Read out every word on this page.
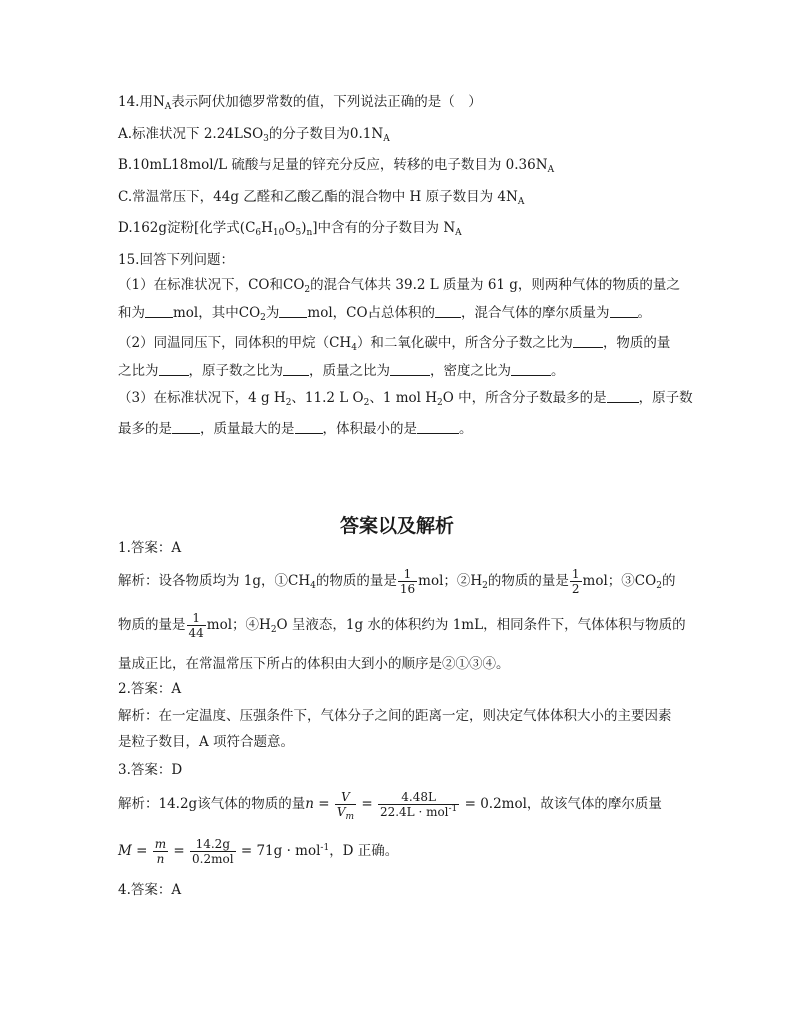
14.用$N_A$表示阿伏加德罗常数的值，下列说法正确的是（　）
A.标准状况下 $2.24LSO_3$的分子数目为$0.1N_A$
B.10mL18mol/L 硫酸与足量的锌充分反应，转移的电子数目为 $0.36N_A$
C.常温常压下，44g 乙醛和乙酸乙酯的混合物中 H 原子数目为 $4N_A$
D.162g淀粉[化学式$(C_6H_{10}O_5)_n$]中含有的分子数目为 $N_A$
15.回答下列问题：
（1）在标准状况下，CO和$CO_2$的混合气体共 39.2 L 质量为 61 g，则两种气体的物质的量之
和为 mol，其中$CO_2$为 mol，CO占总体积的 ，混合气体的摩尔质量为 。
（2）同温同压下，同体积的甲烷$(CH_4)$和二氧化碳中，所含分子数之比为 ，物质的量
之比为 ，原子数之比为 ，质量之比为	，密度之比为	。
（3）在标准状况下，4 g $H_2$、11.2 L $O_2$、1 mol $H_2O$ 中，所含分子数最多的是 ，原子数
最多的是 ，质量最大的是 ，体积最小的是	。
答案以及解析
1.答案：A
解析：设各物质均为 1g，$①CH_4$的物质的量是 $\frac{1}{16}$ mol；$②H_2$的物质的量是 $\frac{1}{2}$ mol；$③CO_2$的
物质的量是 $\frac{1}{44}$ mol；$④H_2O$ 呈液态，1g 水的体积约为 1mL，相同条件下，气体体积与物质的
量成正比，在常温常压下所占的体积由大到小的顺序是②①③④。
2.答案：A
解析：在一定温度、压强条件下，气体分子之间的距离一定，则决定气体体积大小的主要因素
是粒子数目，A 项符合题意。
3.答案：D
解析：14.2g该气体的物质的量$n = \frac{V}{V_m} = \frac{4.48L}{22.4L \cdot mol^{-1}} = 0.2mol$，故该气体的摩尔质量
$M = \frac{m}{n} = \frac{14.2g}{\text{0.2mol}} = 71g \cdot mol^{-1}$，D 正确。
4.答案：A
